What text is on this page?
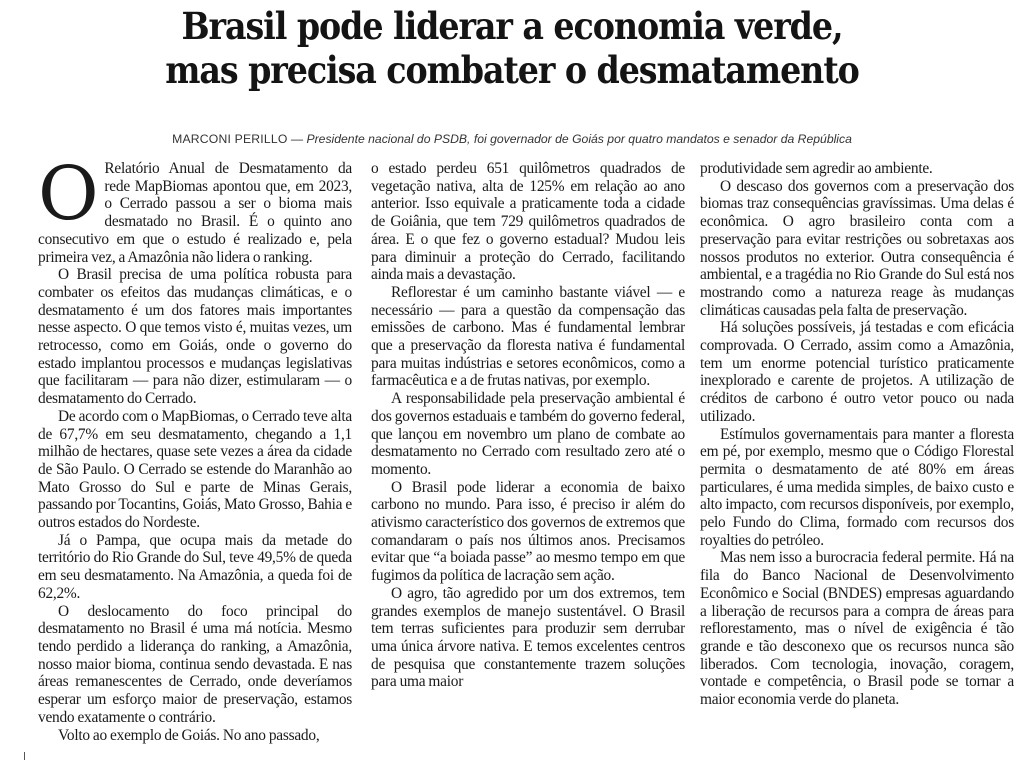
Brasil pode liderar a economia verde,
mas precisa combater o desmatamento
MARCONI PERILLO — Presidente nacional do PSDB, foi governador de Goiás por quatro mandatos e senador da República

O Relatório Anual de Desmatamento da rede MapBiomas apontou que, em 2023, o Cerrado passou a ser o bioma mais desmatado no Brasil. É o quinto ano consecutivo em que o estudo é realizado e, pela primeira vez, a Amazônia não lidera o ranking.

O Brasil precisa de uma política robusta para combater os efeitos das mudanças climáticas, e o desmatamento é um dos fatores mais importantes nesse aspecto. O que temos visto é, muitas vezes, um retrocesso, como em Goiás, onde o governo do estado implantou processos e mudanças legislativas que facilitaram — para não dizer, estimularam — o desmatamento do Cerrado.

De acordo com o MapBiomas, o Cerrado teve alta de 67,7% em seu desmatamento, chegando a 1,1 milhão de hectares, quase sete vezes a área da cidade de São Paulo. O Cerrado se estende do Maranhão ao Mato Grosso do Sul e parte de Minas Gerais, passando por Tocantins, Goiás, Mato Grosso, Bahia e outros estados do Nordeste.

Já o Pampa, que ocupa mais da metade do território do Rio Grande do Sul, teve 49,5% de queda em seu desmatamento. Na Amazônia, a queda foi de 62,2%.

O deslocamento do foco principal do desmatamento no Brasil é uma má notícia. Mesmo tendo perdido a liderança do ranking, a Amazônia, nosso maior bioma, continua sendo devastada. E nas áreas remanescentes de Cerrado, onde deveríamos esperar um esforço maior de preservação, estamos vendo exatamente o contrário.

Volto ao exemplo de Goiás. No ano passado,

o estado perdeu 651 quilômetros quadrados de vegetação nativa, alta de 125% em relação ao ano anterior. Isso equivale a praticamente toda a cidade de Goiânia, que tem 729 quilômetros quadrados de área. E o que fez o governo estadual? Mudou leis para diminuir a proteção do Cerrado, facilitando ainda mais a devastação.

Reflorestar é um caminho bastante viável — e necessário — para a questão da compensação das emissões de carbono. Mas é fundamental lembrar que a preservação da floresta nativa é fundamental para muitas indústrias e setores econômicos, como a farmacêutica e a de frutas nativas, por exemplo.

A responsabilidade pela preservação ambiental é dos governos estaduais e também do governo federal, que lançou em novembro um plano de combate ao desmatamento no Cerrado com resultado zero até o momento.

O Brasil pode liderar a economia de baixo carbono no mundo. Para isso, é preciso ir além do ativismo característico dos governos de extremos que comandaram o país nos últimos anos. Precisamos evitar que “a boiada passe” ao mesmo tempo em que fugimos da política de lacração sem ação.

O agro, tão agredido por um dos extremos, tem grandes exemplos de manejo sustentável. O Brasil tem terras suficientes para produzir sem derrubar uma única árvore nativa. E temos excelentes centros de pesquisa que constantemente trazem soluções para uma maior

produtividade sem agredir ao ambiente.

O descaso dos governos com a preservação dos biomas traz consequências gravíssimas. Uma delas é econômica. O agro brasileiro conta com a preservação para evitar restrições ou sobretaxas aos nossos produtos no exterior. Outra consequência é ambiental, e a tragédia no Rio Grande do Sul está nos mostrando como a natureza reage às mudanças climáticas causadas pela falta de preservação.

Há soluções possíveis, já testadas e com eficácia comprovada. O Cerrado, assim como a Amazônia, tem um enorme potencial turístico praticamente inexplorado e carente de projetos. A utilização de créditos de carbono é outro vetor pouco ou nada utilizado.

Estímulos governamentais para manter a floresta em pé, por exemplo, mesmo que o Código Florestal permita o desmatamento de até 80% em áreas particulares, é uma medida simples, de baixo custo e alto impacto, com recursos disponíveis, por exemplo, pelo Fundo do Clima, formado com recursos dos royalties do petróleo.

Mas nem isso a burocracia federal permite. Há na fila do Banco Nacional de Desenvolvimento Econômico e Social (BNDES) empresas aguardando a liberação de recursos para a compra de áreas para reflorestamento, mas o nível de exigência é tão grande e tão desconexo que os recursos nunca são liberados. Com tecnologia, inovação, coragem, vontade e competência, o Brasil pode se tornar a maior economia verde do planeta.
